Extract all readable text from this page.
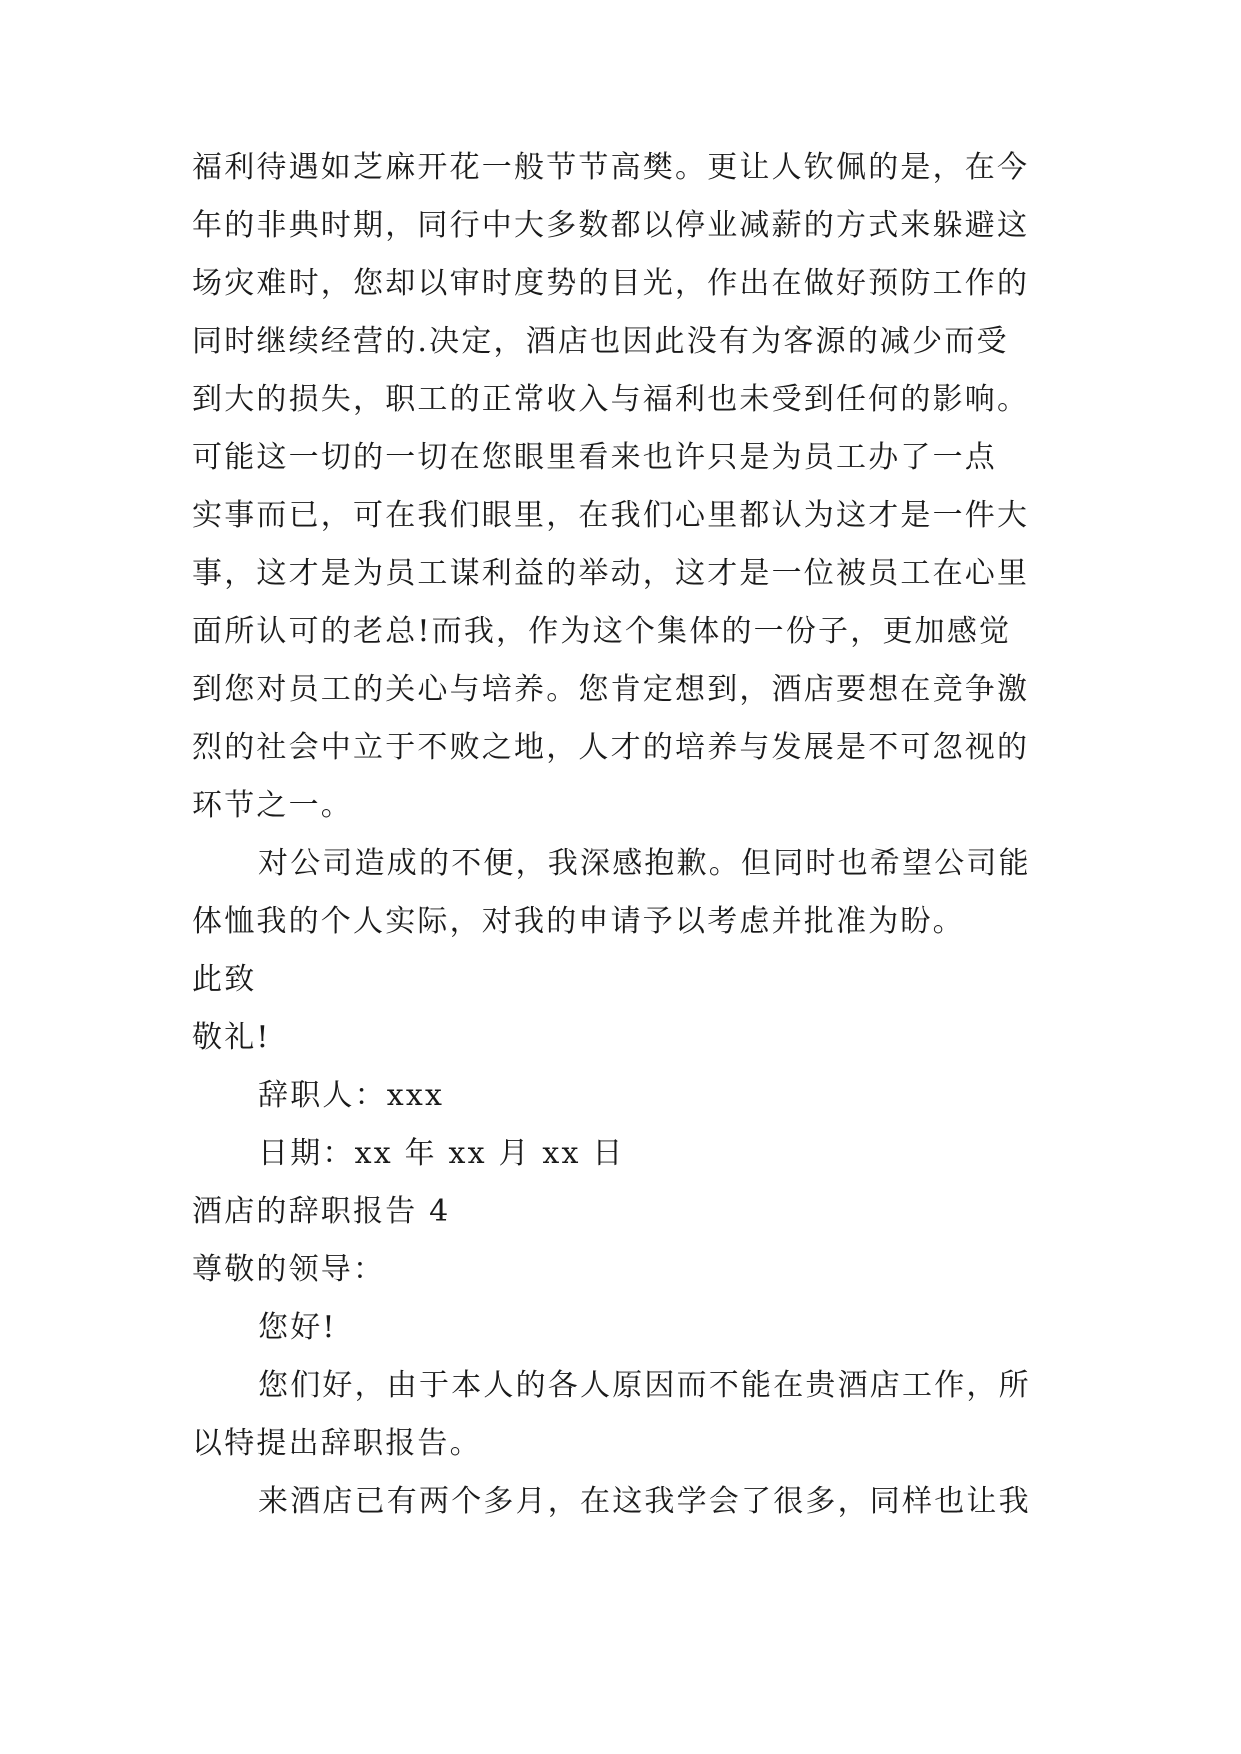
福利待遇如芝麻开花一般节节高樊。更让人钦佩的是，在今
年的非典时期，同行中大多数都以停业减薪的方式来躲避这
场灾难时，您却以审时度势的目光，作出在做好预防工作的
同时继续经营的.决定，酒店也因此没有为客源的减少而受
到大的损失，职工的正常收入与福利也未受到任何的影响。
可能这一切的一切在您眼里看来也许只是为员工办了一点
实事而已，可在我们眼里，在我们心里都认为这才是一件大
事，这才是为员工谋利益的举动，这才是一位被员工在心里
面所认可的老总!而我，作为这个集体的一份子，更加感觉
到您对员工的关心与培养。您肯定想到，酒店要想在竞争激
烈的社会中立于不败之地，人才的培养与发展是不可忽视的
环节之一。
对公司造成的不便，我深感抱歉。但同时也希望公司能
体恤我的个人实际，对我的申请予以考虑并批准为盼。
此致
敬礼!
辞职人：xxx
日期：xx 年 xx 月 xx 日
酒店的辞职报告 4
尊敬的领导：
您好!
您们好，由于本人的各人原因而不能在贵酒店工作，所
以特提出辞职报告。
来酒店已有两个多月，在这我学会了很多，同样也让我
